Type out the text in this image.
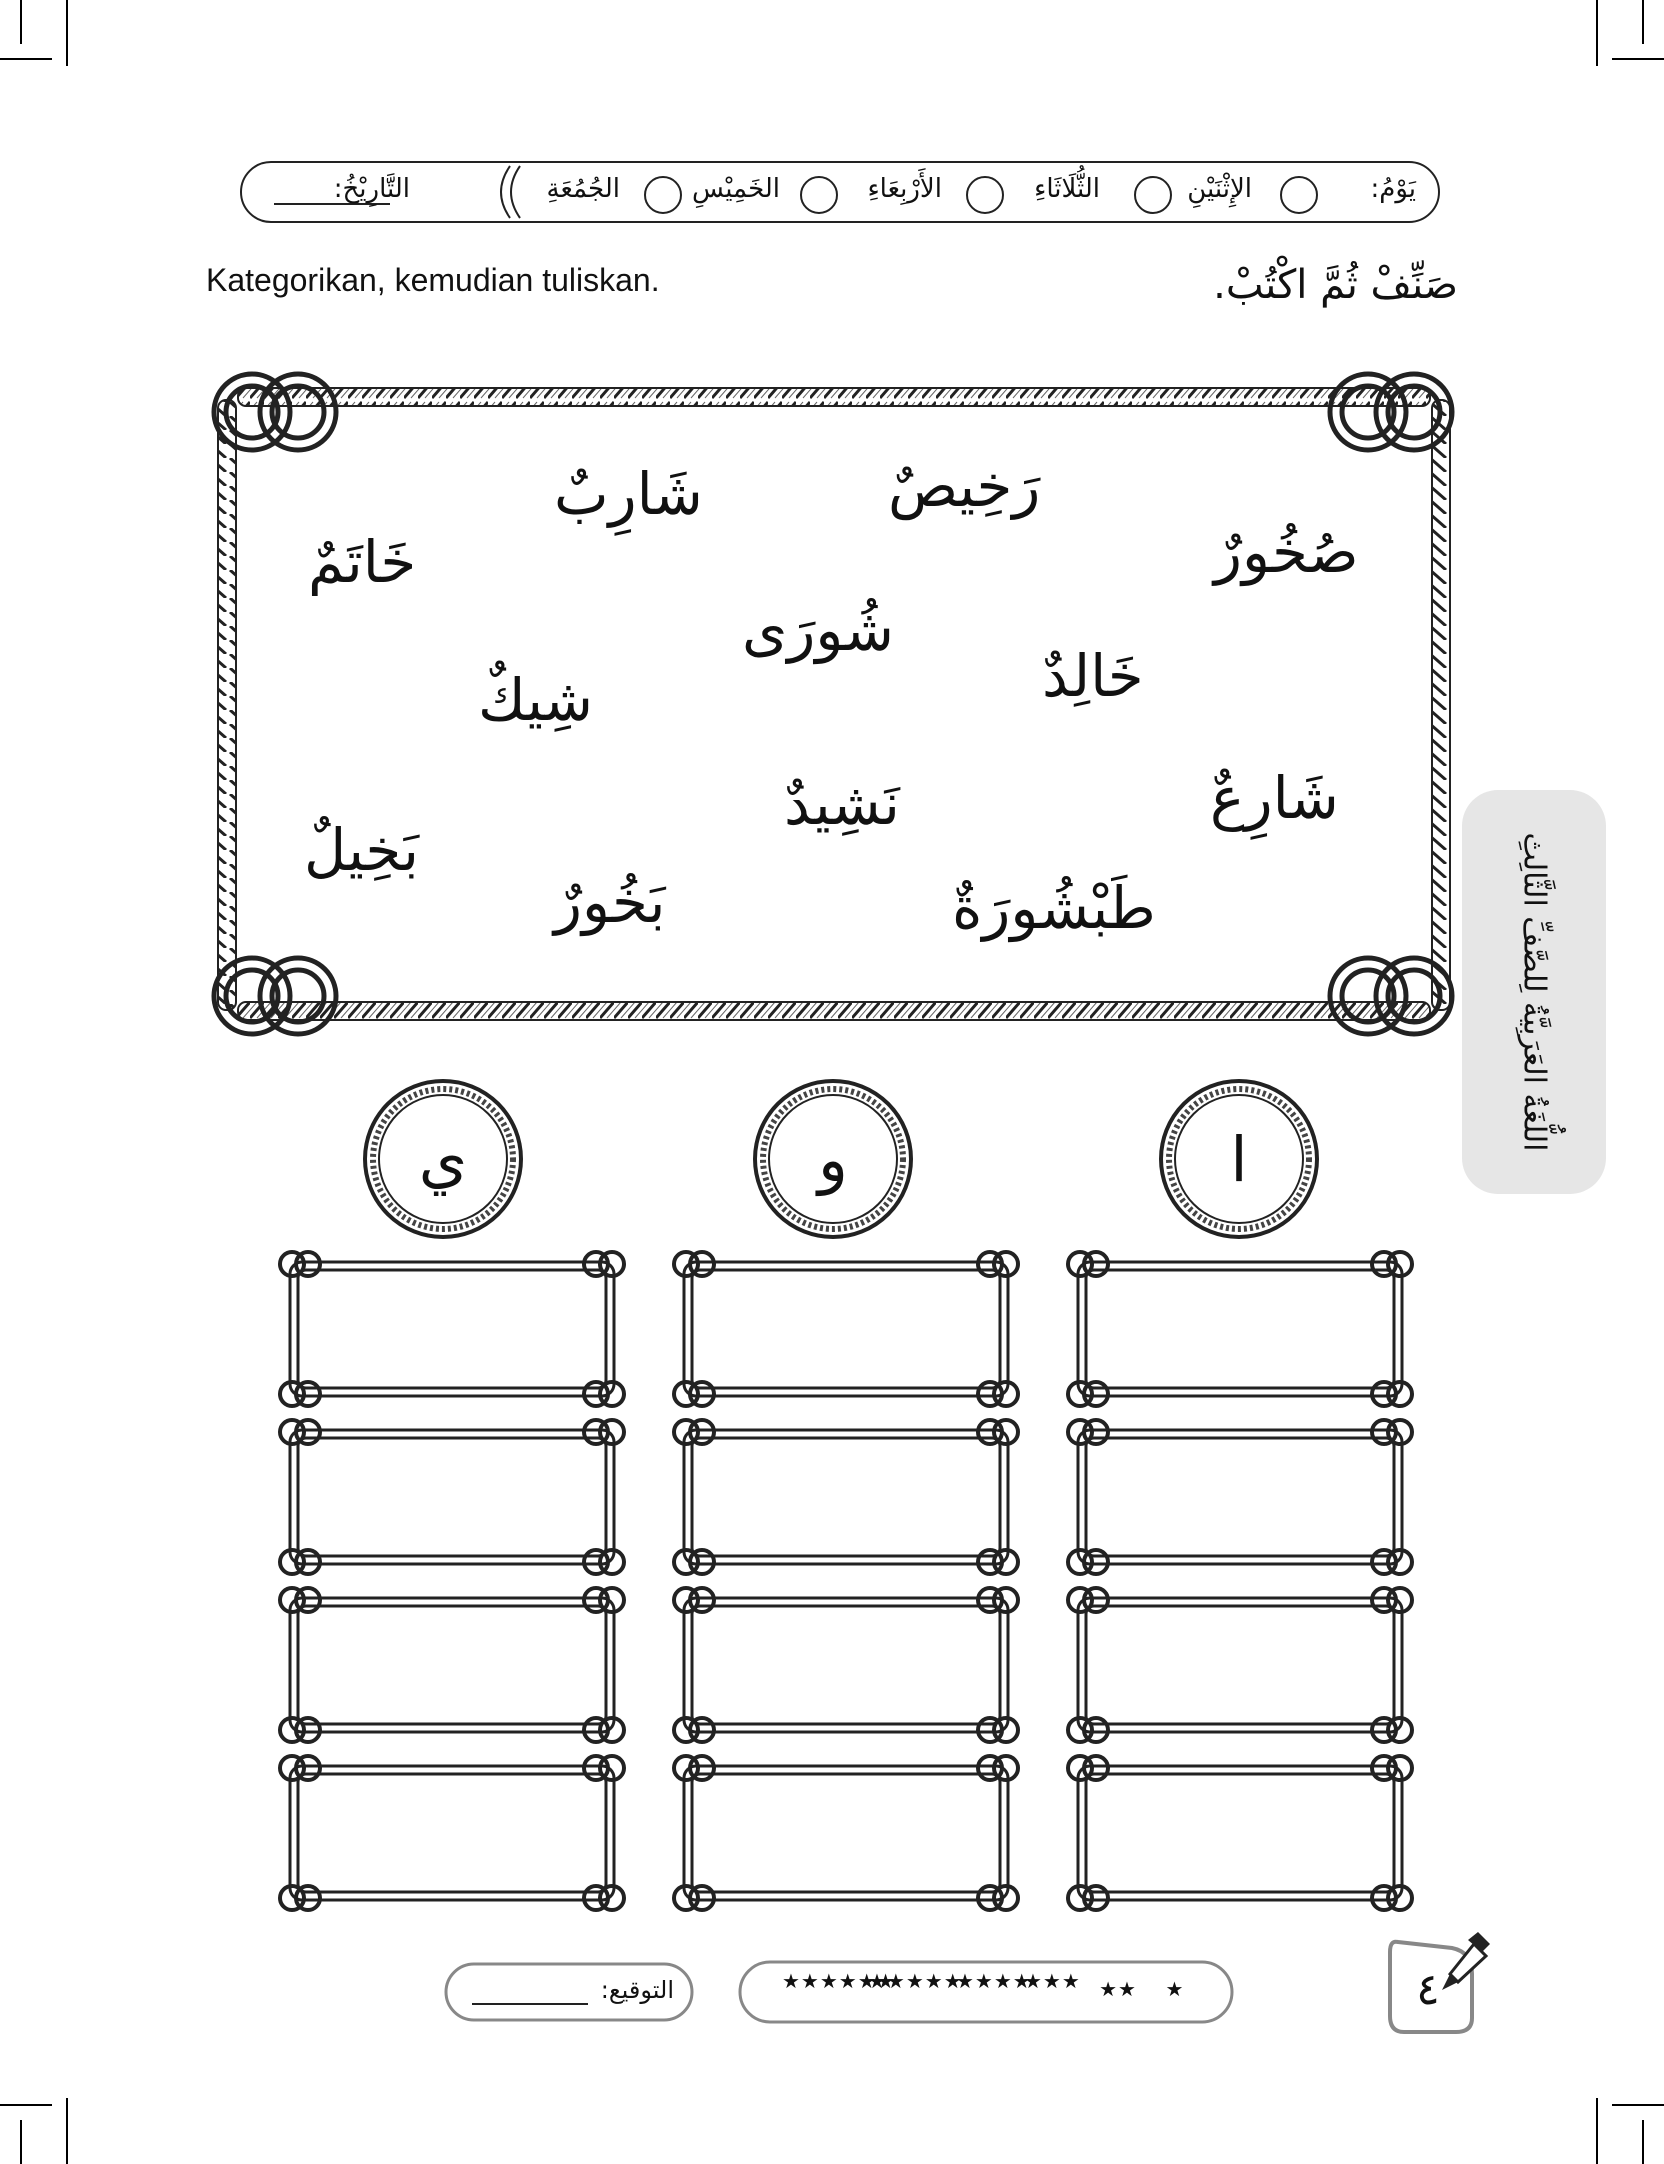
يَوْمُ:
الإِثْنَيْنِ
الثُّلَاثَاءِ
الأَرْبِعَاءِ
الخَمِيْسِ
الجُمُعَةِ
التَّارِيْخُ:
Kategorikan, kemudian tuliskan.	صَنِّفْ ثُمَّ اكْتُبْ.
صُخُورٌ
رَخِيصٌ
شَارِبٌ
خَاتَمٌ
شُورَى
خَالِدٌ
شِيكٌ
شَارِعٌ
نَشِيدٌ
بَخِيلٌ
طَبْشُورَةٌ
بَخُورٌ
ا
و
ي
اللُّغَةُ العَرَبِيَّةُ لِلصَّفِّ الثَّالِثِ
التوقيع:	★
★★
★★★
★★★★
★★★★★
★★★★★★	٤
